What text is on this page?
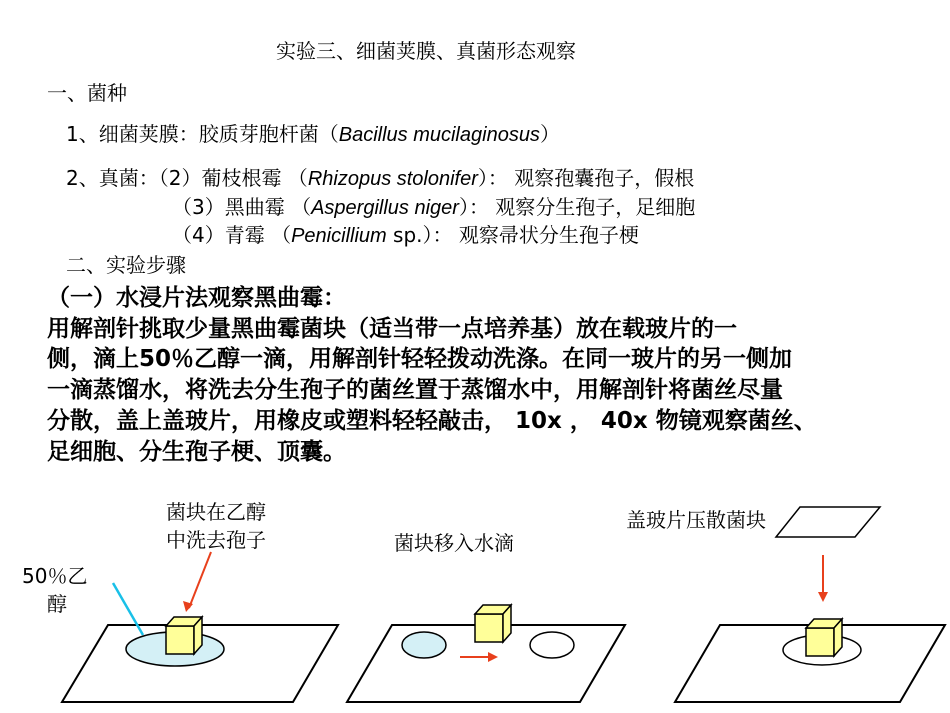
实验三、细菌荚膜、真菌形态观察
一、菌种
1、细菌荚膜：胶质芽胞杆菌（Bacillus mucilaginosus）
2、真菌：（2）葡枝根霉 （Rhizopus stolonifer）： 观察孢囊孢子，假根
（3）黑曲霉 （Aspergillus niger）： 观察分生孢子，足细胞
（4）青霉 （Penicillium sp.）： 观察帚状分生孢子梗
二、实验步骤
（一）水浸片法观察黑曲霉：
用解剖针挑取少量黑曲霉菌块（适当带一点培养基）放在载玻片的一
侧，滴上50％乙醇一滴，用解剖针轻轻拨动洗涤。在同一玻片的另一侧加
一滴蒸馏水，将洗去分生孢子的菌丝置于蒸馏水中，用解剖针将菌丝尽量
分散，盖上盖玻片，用橡皮或塑料轻轻敲击， 10x ， 40x 物镜观察菌丝、
足细胞、分生孢子梗、顶囊。
菌块在乙醇
中洗去孢子
50％乙
醇
菌块移入水滴
盖玻片压散菌块
